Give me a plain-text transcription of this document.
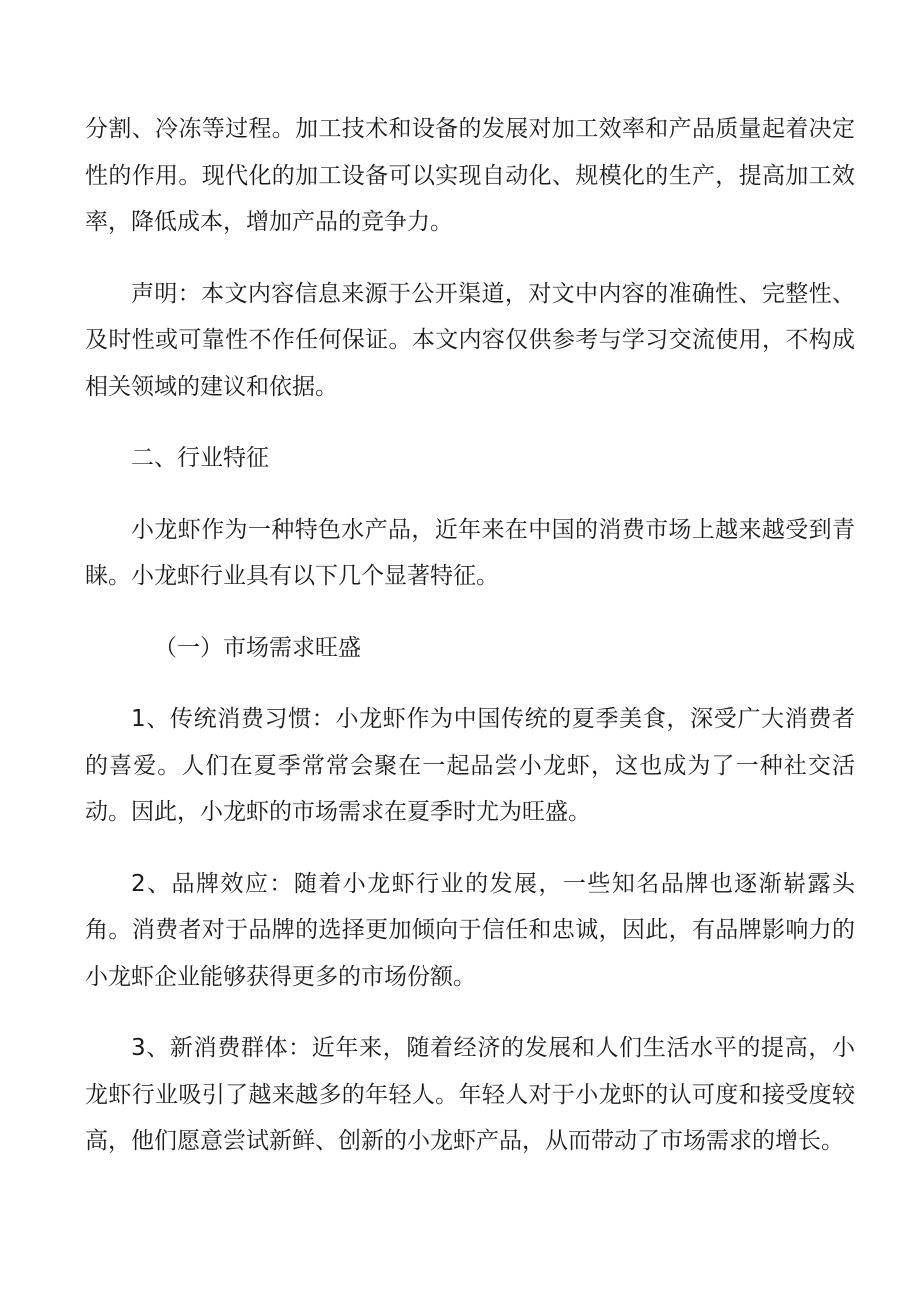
分割、冷冻等过程。加工技术和设备的发展对加工效率和产品质量起着决定性的作用。现代化的加工设备可以实现自动化、规模化的生产，提高加工效率，降低成本，增加产品的竞争力。

声明：本文内容信息来源于公开渠道，对文中内容的准确性、完整性、及时性或可靠性不作任何保证。本文内容仅供参考与学习交流使用，不构成相关领域的建议和依据。

二、行业特征

小龙虾作为一种特色水产品，近年来在中国的消费市场上越来越受到青睐。小龙虾行业具有以下几个显著特征。

（一）市场需求旺盛

1、传统消费习惯：小龙虾作为中国传统的夏季美食，深受广大消费者的喜爱。人们在夏季常常会聚在一起品尝小龙虾，这也成为了一种社交活动。因此，小龙虾的市场需求在夏季时尤为旺盛。

2、品牌效应：随着小龙虾行业的发展，一些知名品牌也逐渐崭露头角。消费者对于品牌的选择更加倾向于信任和忠诚，因此，有品牌影响力的小龙虾企业能够获得更多的市场份额。

3、新消费群体：近年来，随着经济的发展和人们生活水平的提高，小龙虾行业吸引了越来越多的年轻人。年轻人对于小龙虾的认可度和接受度较高，他们愿意尝试新鲜、创新的小龙虾产品，从而带动了市场需求的增长。
